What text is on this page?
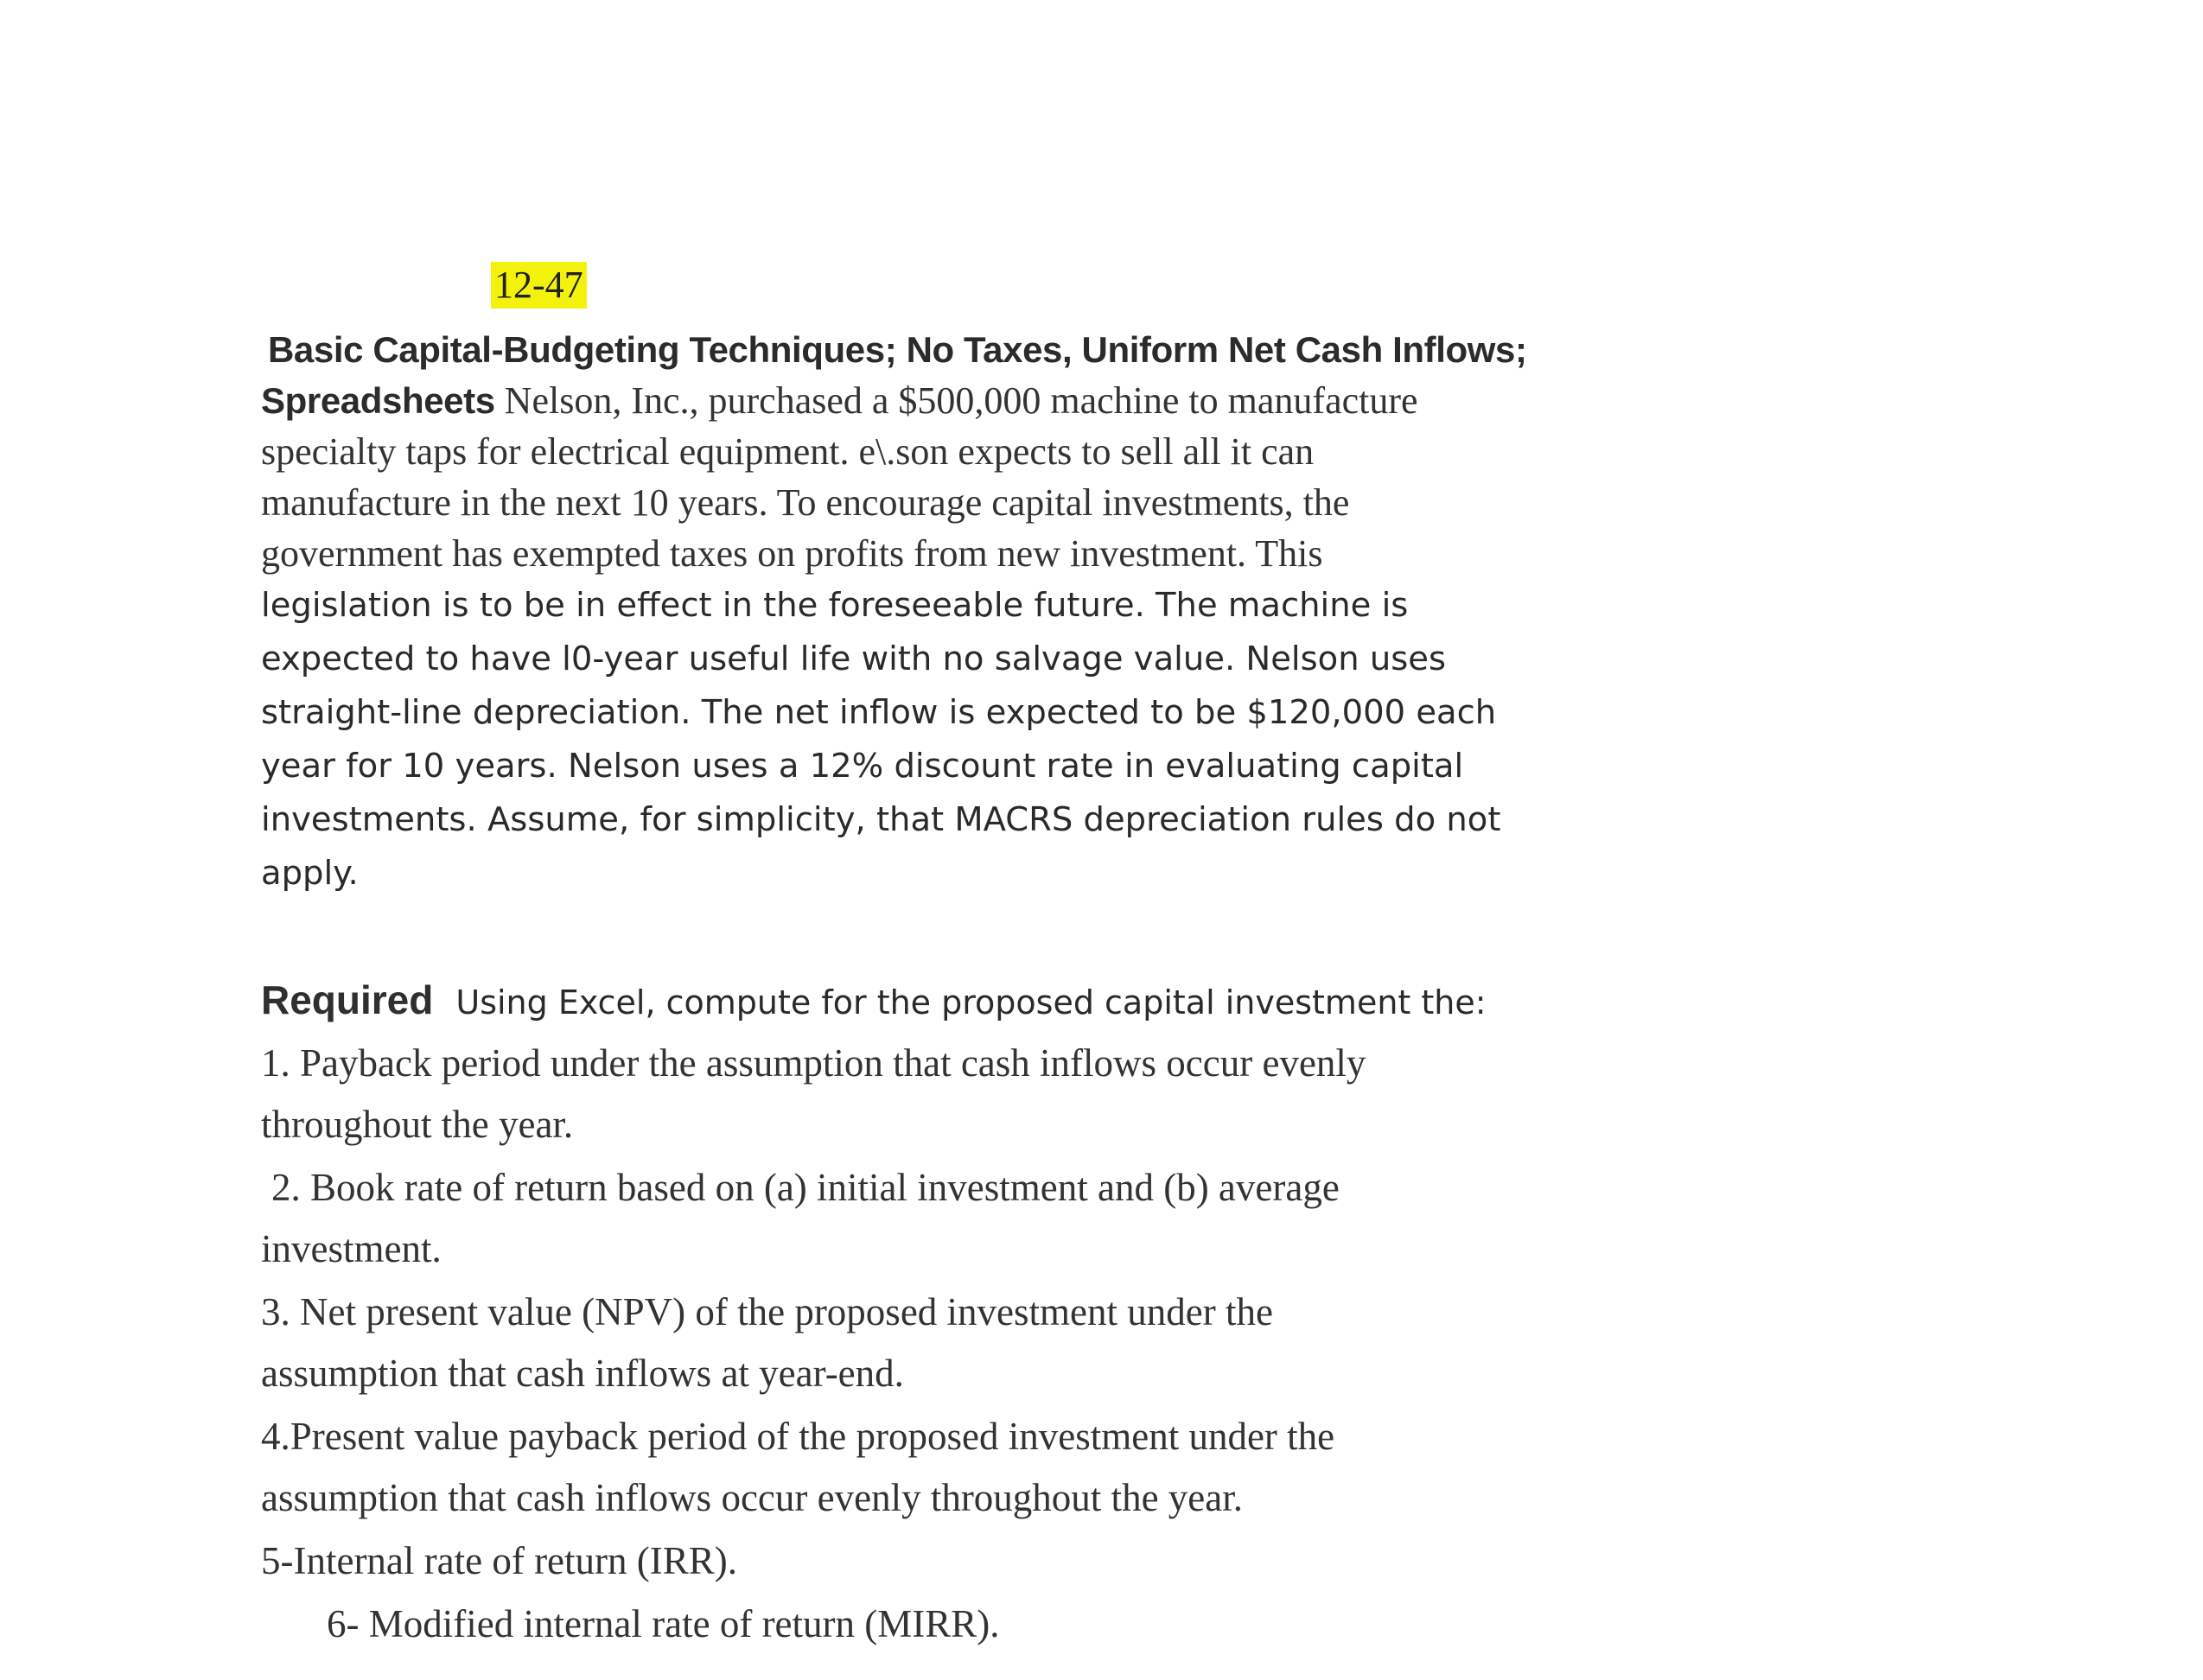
12-47
Basic Capital-Budgeting Techniques; No Taxes, Uniform Net Cash Inflows;
Spreadsheets Nelson, Inc., purchased a $500,000 machine to manufacture
specialty taps for electrical equipment. e\.son expects to sell all it can
manufacture in the next 10 years. To encourage capital investments, the
government has exempted taxes on profits from new investment. This
legislation is to be in effect in the foreseeable future. The machine is
expected to have l0-year useful life with no salvage value. Nelson uses
straight-line depreciation. The net inflow is expected to be $120,000 each
year for 10 years. Nelson uses a 12% discount rate in evaluating capital
investments. Assume, for simplicity, that MACRS depreciation rules do not
apply.
Required Using Excel, compute for the proposed capital investment the:
1. Payback period under the assumption that cash inflows occur evenly
throughout the year.
2. Book rate of return based on (a) initial investment and (b) average
investment.
3. Net present value (NPV) of the proposed investment under the
assumption that cash inflows at year-end.
4.Present value payback period of the proposed investment under the
assumption that cash inflows occur evenly throughout the year.
5-Internal rate of return (IRR).
6- Modified internal rate of return (MIRR).
